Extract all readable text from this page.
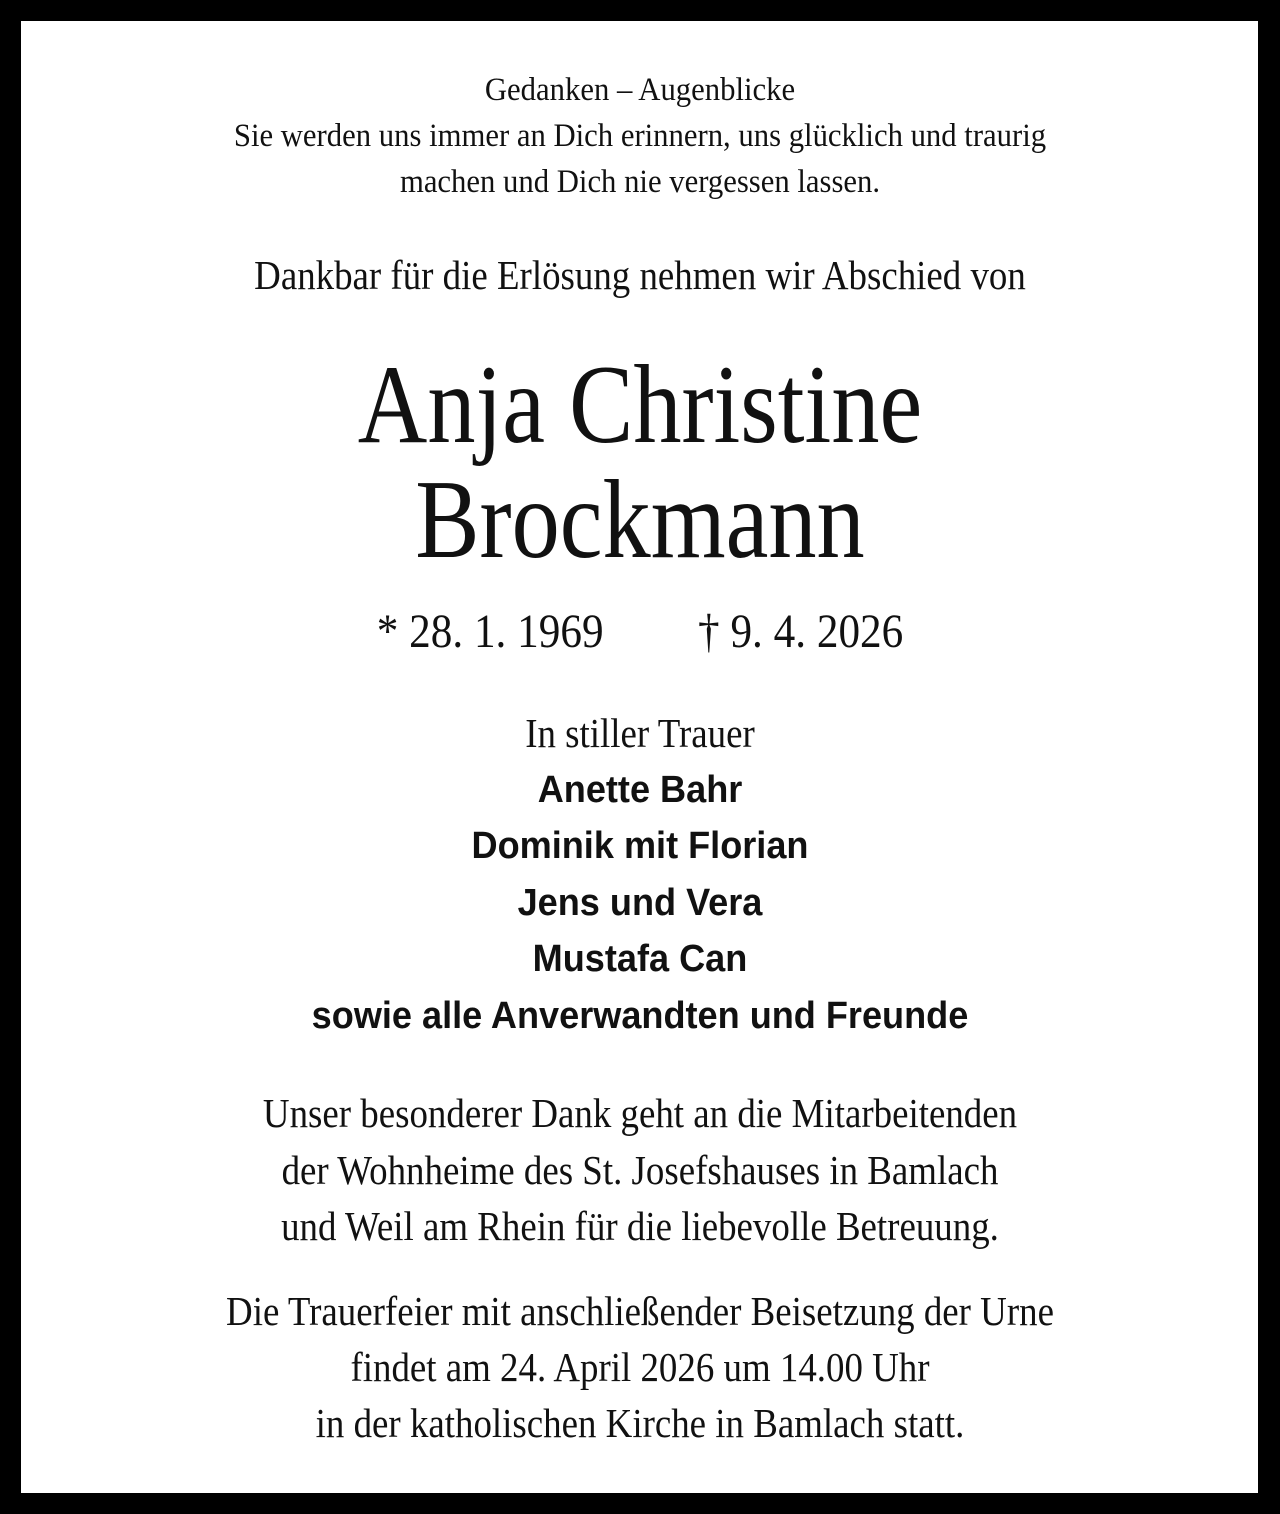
Gedanken – Augenblicke
Sie werden uns immer an Dich erinnern, uns glücklich und traurig
machen und Dich nie vergessen lassen.
Dankbar für die Erlösung nehmen wir Abschied von
Anja Christine
Brockmann
* 28. 1. 1969 † 9. 4. 2026
In stiller Trauer
Anette Bahr
Dominik mit Florian
Jens und Vera
Mustafa Can
sowie alle Anverwandten und Freunde
Unser besonderer Dank geht an die Mitarbeitenden
der Wohnheime des St. Josefshauses in Bamlach
und Weil am Rhein für die liebevolle Betreuung.
Die Trauerfeier mit anschließender Beisetzung der Urne
findet am 24. April 2026 um 14.00 Uhr
in der katholischen Kirche in Bamlach statt.
